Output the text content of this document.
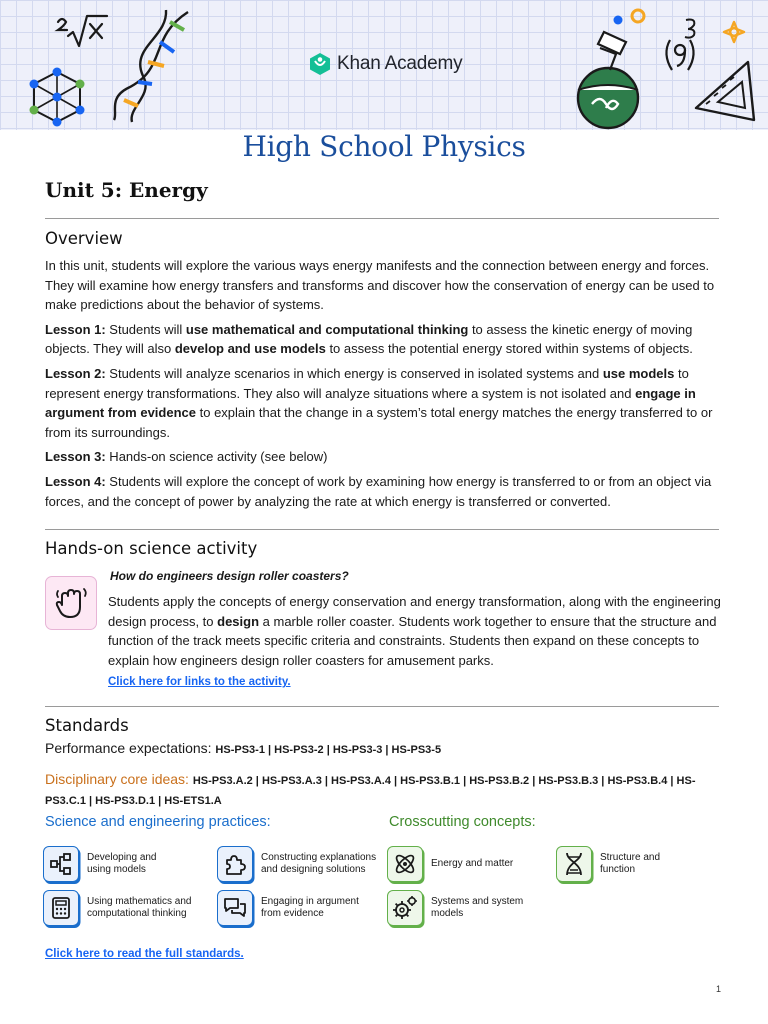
Khan Academy
High School Physics
Unit 5: Energy
Overview

In this unit, students will explore the various ways energy manifests and the connection between energy and forces. They will examine how energy transfers and transforms and discover how the conservation of energy can be used to make predictions about the behavior of systems.

Lesson 1: Students will use mathematical and computational thinking to assess the kinetic energy of moving objects. They will also develop and use models to assess the potential energy stored within systems of objects.

Lesson 2: Students will analyze scenarios in which energy is conserved in isolated systems and use models to represent energy transformations. They also will analyze situations where a system is not isolated and engage in argument from evidence to explain that the change in a system’s total energy matches the energy transferred to or from its surroundings.

Lesson 3: Hands-on science activity (see below)

Lesson 4: Students will explore the concept of work by examining how energy is transferred to or from an object via forces, and the concept of power by analyzing the rate at which energy is transferred or converted.

Hands-on science activity
How do engineers design roller coasters?
Students apply the concepts of energy conservation and energy transformation, along with the engineering design process, to design a marble roller coaster. Students work together to ensure that the structure and function of the track meets specific criteria and constraints. Students then expand on these concepts to explain how engineers design roller coasters for amusement parks.
Click here for links to the activity.
Standards
Performance expectations: HS-PS3-1 | HS-PS3-2 | HS-PS3-3 | HS-PS3-5
Disciplinary core ideas: HS-PS3.A.2 | HS-PS3.A.3 | HS-PS3.A.4 | HS-PS3.B.1 | HS-PS3.B.2 | HS-PS3.B.3 | HS-PS3.B.4 | HS-PS3.C.1 | HS-PS3.D.1 | HS-ETS1.A
Science and engineering practices:	Crosscutting concepts:
Developing and
using models
Constructing explanations
and designing solutions
Using mathematics and
computational thinking
Engaging in argument
from evidence
Energy and matter
Structure and
function
Systems and system
models
Click here to read the full standards.
1
